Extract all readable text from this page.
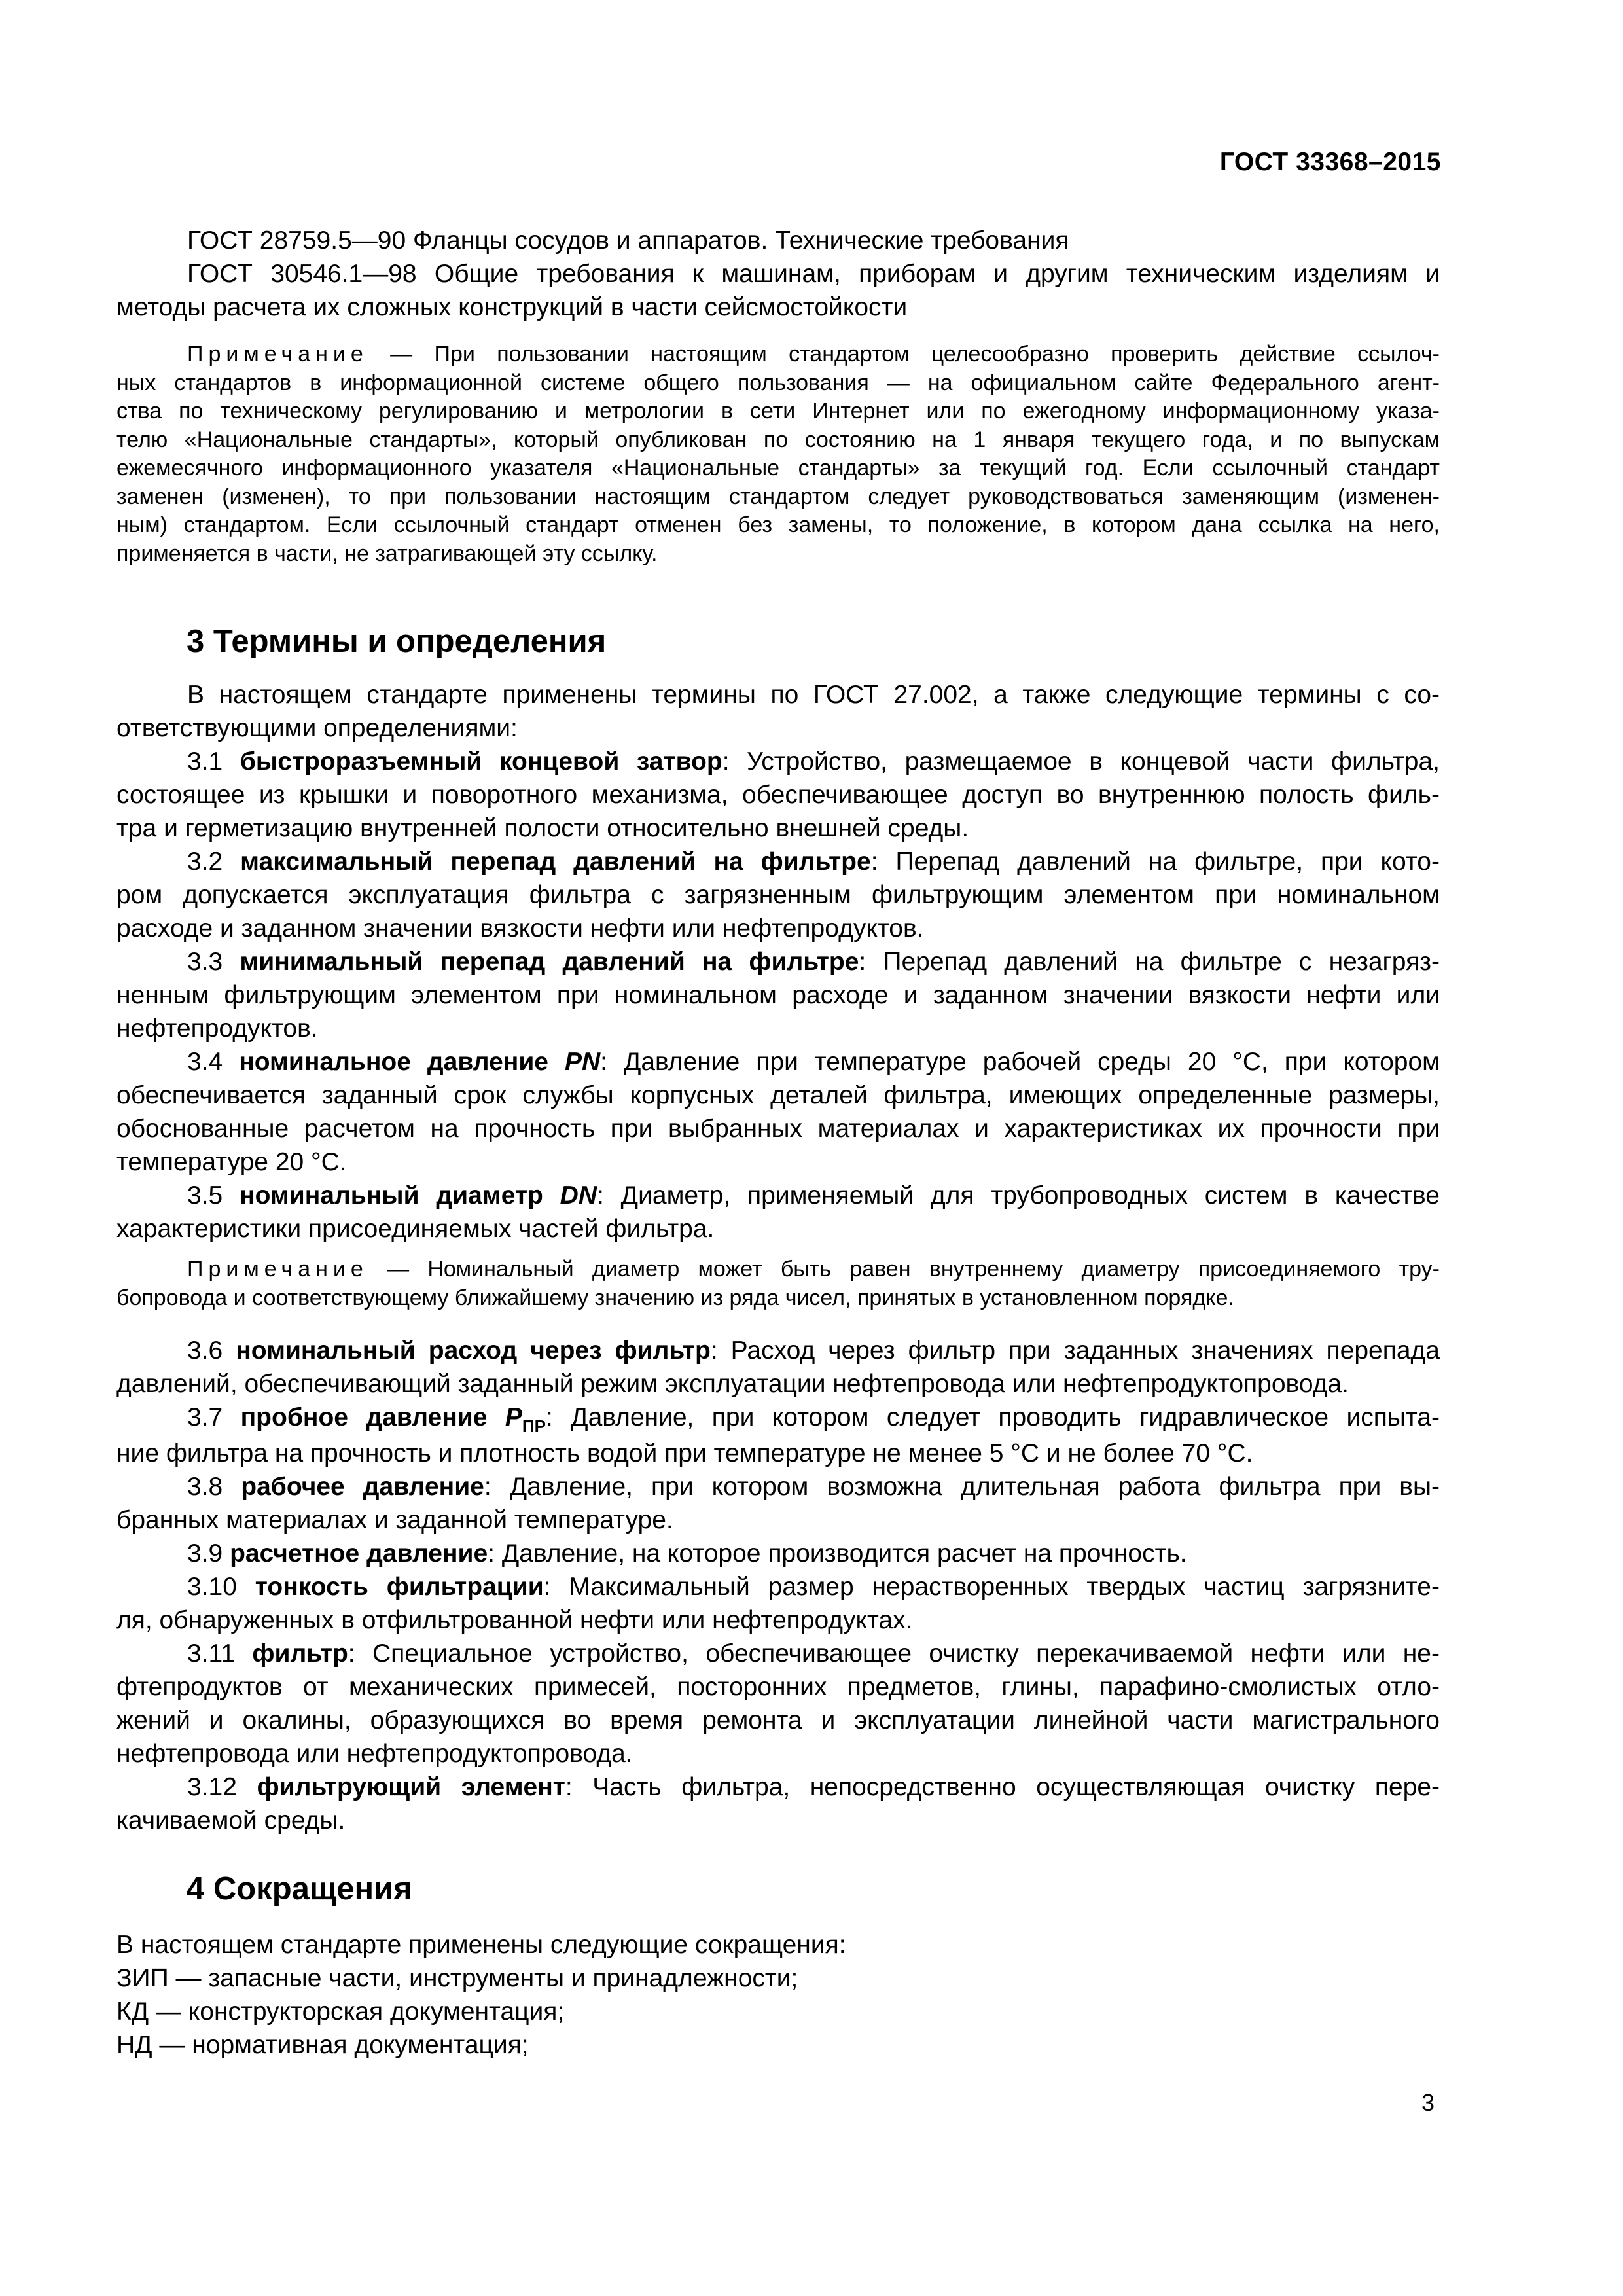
ГОСТ 33368–2015
ГОСТ 28759.5—90 Фланцы сосудов и аппаратов. Технические требования
ГОСТ 30546.1—98 Общие требования к машинам, приборам и другим техническим изделиям и
методы расчета их сложных конструкций в части сейсмостойкости
Примечание — При пользовании настоящим стандартом целесообразно проверить действие ссылоч-
ных стандартов в информационной системе общего пользования — на официальном сайте Федерального агент-
ства по техническому регулированию и метрологии в сети Интернет или по ежегодному информационному указа-
телю «Национальные стандарты», который опубликован по состоянию на 1 января текущего года, и по выпускам
ежемесячного информационного указателя «Национальные стандарты» за текущий год. Если ссылочный стандарт
заменен (изменен), то при пользовании настоящим стандартом следует руководствоваться заменяющим (изменен-
ным) стандартом. Если ссылочный стандарт отменен без замены, то положение, в котором дана ссылка на него,
применяется в части, не затрагивающей эту ссылку.
3 Термины и определения
В настоящем стандарте применены термины по ГОСТ 27.002, а также следующие термины с со-
ответствующими определениями:
3.1 быстроразъемный концевой затвор: Устройство, размещаемое в концевой части фильтра,
состоящее из крышки и поворотного механизма, обеспечивающее доступ во внутреннюю полость филь-
тра и герметизацию внутренней полости относительно внешней среды.
3.2 максимальный перепад давлений на фильтре: Перепад давлений на фильтре, при кото-
ром допускается эксплуатация фильтра с загрязненным фильтрующим элементом при номинальном
расходе и заданном значении вязкости нефти или нефтепродуктов.
3.3 минимальный перепад давлений на фильтре: Перепад давлений на фильтре с незагряз-
ненным фильтрующим элементом при номинальном расходе и заданном значении вязкости нефти или
нефтепродуктов.
3.4 номинальное давление PN: Давление при температуре рабочей среды 20 °С, при котором
обеспечивается заданный срок службы корпусных деталей фильтра, имеющих определенные размеры,
обоснованные расчетом на прочность при выбранных материалах и характеристиках их прочности при
температуре 20 °С.
3.5 номинальный диаметр DN: Диаметр, применяемый для трубопроводных систем в качестве
характеристики присоединяемых частей фильтра.
Примечание — Номинальный диаметр может быть равен внутреннему диаметру присоединяемого тру-
бопровода и соответствующему ближайшему значению из ряда чисел, принятых в установленном порядке.
3.6 номинальный расход через фильтр: Расход через фильтр при заданных значениях перепада
давлений, обеспечивающий заданный режим эксплуатации нефтепровода или нефтепродуктопровода.
3.7 пробное давление $P_{ПР}$: Давление, при котором следует проводить гидравлическое испыта-
ние фильтра на прочность и плотность водой при температуре не менее 5 °С и не более 70 °С.
3.8 рабочее давление: Давление, при котором возможна длительная работа фильтра при вы-
бранных материалах и заданной температуре.
3.9 расчетное давление: Давление, на которое производится расчет на прочность.
3.10 тонкость фильтрации: Максимальный размер нерастворенных твердых частиц загрязните-
ля, обнаруженных в отфильтрованной нефти или нефтепродуктах.
3.11 фильтр: Специальное устройство, обеспечивающее очистку перекачиваемой нефти или не-
фтепродуктов от механических примесей, посторонних предметов, глины, парафино-смолистых отло-
жений и окалины, образующихся во время ремонта и эксплуатации линейной части магистрального
нефтепровода или нефтепродуктопровода.
3.12 фильтрующий элемент: Часть фильтра, непосредственно осуществляющая очистку пере-
качиваемой среды.
4 Сокращения
В настоящем стандарте применены следующие сокращения:
ЗИП — запасные части, инструменты и принадлежности;
КД — конструкторская документация;
НД — нормативная документация;
3
